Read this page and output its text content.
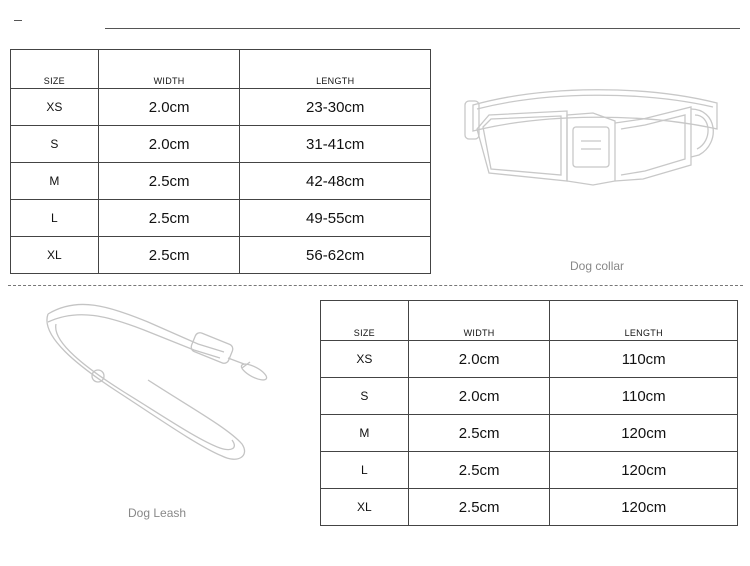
SIZE	WIDTH	LENGTH
XS	2.0cm	23-30cm
S	2.0cm	31-41cm
M	2.5cm	42-48cm
L	2.5cm	49-55cm
XL	2.5cm	56-62cm
Dog collar
Dog Leash
SIZE	WIDTH	LENGTH
XS	2.0cm	110cm
S	2.0cm	110cm
M	2.5cm	120cm
L	2.5cm	120cm
XL	2.5cm	120cm
